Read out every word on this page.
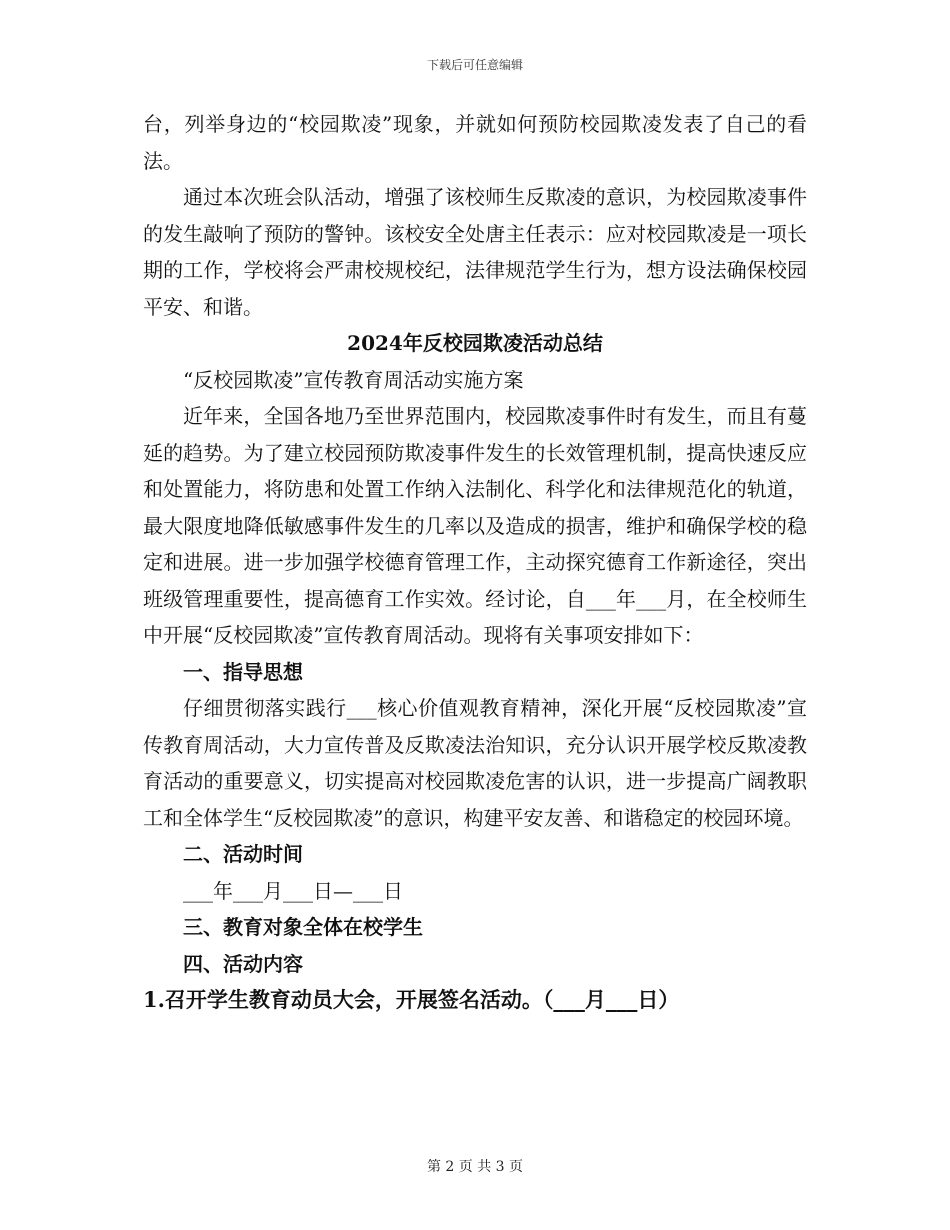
下载后可任意编辑

台，列举身边的“校园欺凌”现象，并就如何预防校园欺凌发表了自己的看法。

通过本次班会队活动，增强了该校师生反欺凌的意识，为校园欺凌事件的发生敲响了预防的警钟。该校安全处唐主任表示：应对校园欺凌是一项长期的工作，学校将会严肃校规校纪，法律规范学生行为，想方设法确保校园平安、和谐。

2024年反校园欺凌活动总结

“反校园欺凌”宣传教育周活动实施方案

近年来，全国各地乃至世界范围内，校园欺凌事件时有发生，而且有蔓延的趋势。为了建立校园预防欺凌事件发生的长效管理机制，提高快速反应和处置能力，将防患和处置工作纳入法制化、科学化和法律规范化的轨道，最大限度地降低敏感事件发生的几率以及造成的损害，维护和确保学校的稳定和进展。进一步加强学校德育管理工作，主动探究德育工作新途径，突出班级管理重要性，提高德育工作实效。经讨论，自___年___月，在全校师生中开展“反校园欺凌”宣传教育周活动。现将有关事项安排如下：

一、指导思想

仔细贯彻落实践行___核心价值观教育精神，深化开展“反校园欺凌”宣传教育周活动，大力宣传普及反欺凌法治知识，充分认识开展学校反欺凌教育活动的重要意义，切实提高对校园欺凌危害的认识，进一步提高广阔教职工和全体学生“反校园欺凌”的意识，构建平安友善、和谐稳定的校园环境。

二、活动时间

___年___月___日—___日

三、教育对象全体在校学生

四、活动内容

1.召开学生教育动员大会，开展签名活动。（___月___日）

第 2 页 共 3 页
